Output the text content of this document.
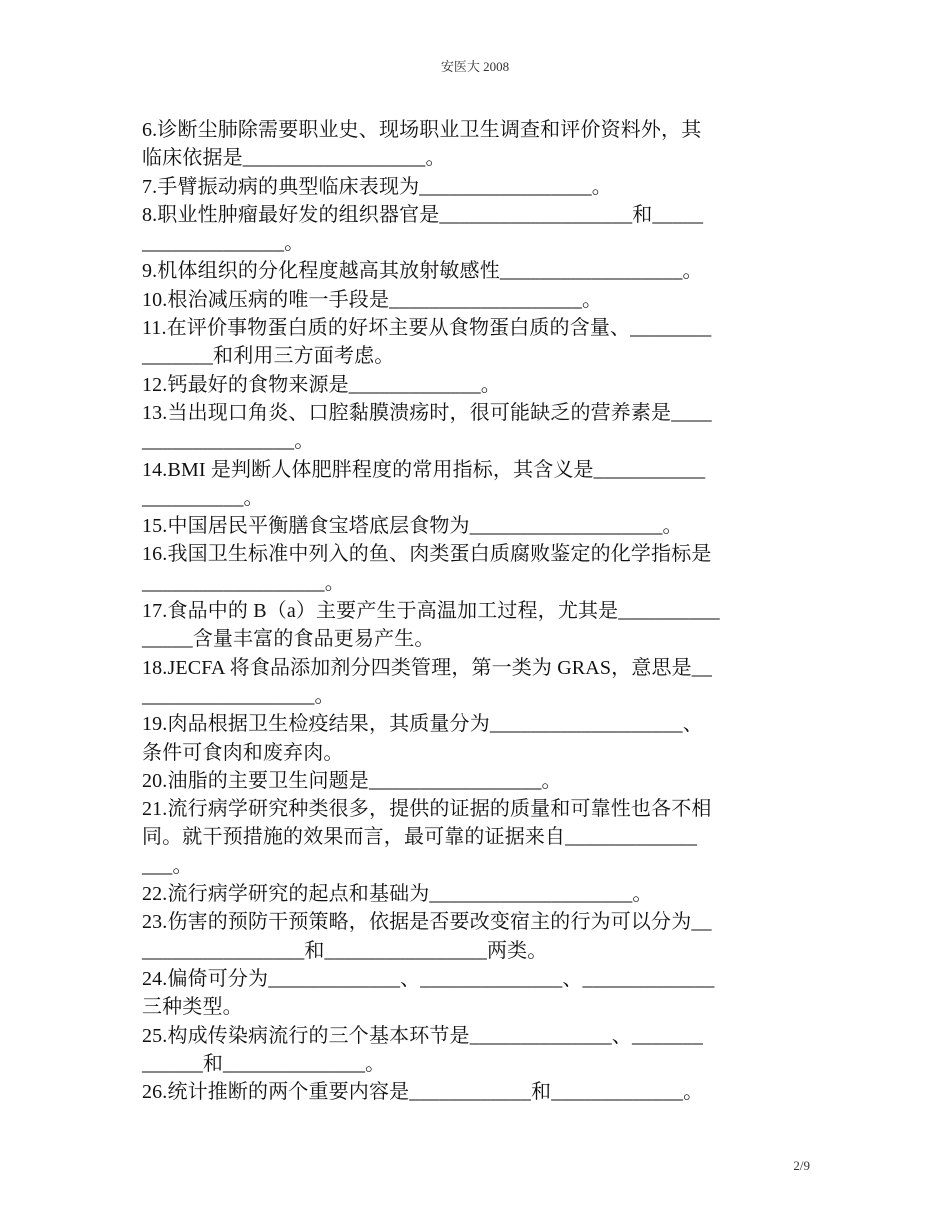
安医大 2008
6.诊断尘肺除需要职业史、现场职业卫生调查和评价资料外，其
临床依据是__________________。
7.手臂振动病的典型临床表现为_________________。
8.职业性肿瘤最好发的组织器官是___________________和_____
______________。
9.机体组织的分化程度越高其放射敏感性__________________。
10.根治减压病的唯一手段是___________________。
11.在评价事物蛋白质的好坏主要从食物蛋白质的含量、________
_______和利用三方面考虑。
12.钙最好的食物来源是_____________。
13.当出现口角炎、口腔黏膜溃疡时，很可能缺乏的营养素是____
_______________。
14.BMI 是判断人体肥胖程度的常用指标，其含义是___________
__________。
15.中国居民平衡膳食宝塔底层食物为___________________。
16.我国卫生标准中列入的鱼、肉类蛋白质腐败鉴定的化学指标是
__________________。
17.食品中的 B（a）主要产生于高温加工过程，尤其是__________
_____含量丰富的食品更易产生。
18.JECFA 将食品添加剂分四类管理，第一类为 GRAS，意思是__
_________________。
19.肉品根据卫生检疫结果，其质量分为___________________、
条件可食肉和废弃肉。
20.油脂的主要卫生问题是_________________。
21.流行病学研究种类很多，提供的证据的质量和可靠性也各不相
同。就干预措施的效果而言，最可靠的证据来自_____________
___。
22.流行病学研究的起点和基础为____________________。
23.伤害的预防干预策略，依据是否要改变宿主的行为可以分为__
________________和________________两类。
24.偏倚可分为_____________、______________、_____________
三种类型。
25.构成传染病流行的三个基本环节是______________、_______
______和______________。
26.统计推断的两个重要内容是____________和_____________。
2/9
